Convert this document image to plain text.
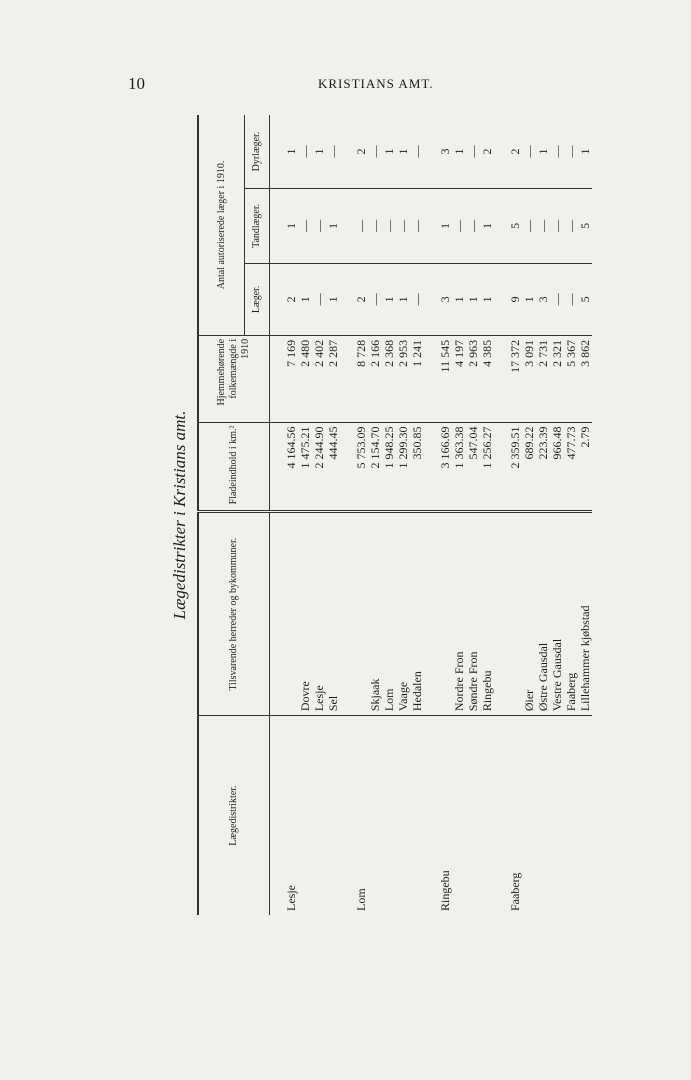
10	KRISTIANS AMT.
Lægedistrikter i Kristians amt.
Lægedistrikter.	Tilsvarende herreder og bykommuner.	Fladeindhold i km.²	Hjemmehørende folkemængde i 1910	Antal autoriserede læger i 1910.		
				Læger.	Tandlæger.	Dyrlæger.

Lesje		4 164.56	7 169	2	1	1
	Dovre	1 475.21	2 480	1	—	—
	Lesje	2 244.90	2 402	—	—	1
	Sel	444.45	2 287	1	1	—

Lom		5 753.09	8 728	2	—	2
	Skjaak	2 154.70	2 166	—	—	—
	Lom	1 948.25	2 368	1	—	1
	Vaage	1 299.30	2 953	1	—	1
	Hedalen	350.85	1 241	—	—	—

Ringebu		3 166.69	11 545	3	1	3
	Nordre Fron	1 363.38	4 197	1	—	1
	Søndre Fron	547.04	2 963	1	—	—
	Ringebu	1 256.27	4 385	1	1	2

Faaberg		2 359.51	17 372	9	5	2
	Øier	689.22	3 091	1	—	—
	Østre Gausdal	223.39	2 731	3	—	1
	Vestre Gausdal	966.48	2 321	—	—	—
	Faaberg	477.73	5 367	—	—	—
	Lillehammer kjøbstad	2.79	3 862	5	5	1
